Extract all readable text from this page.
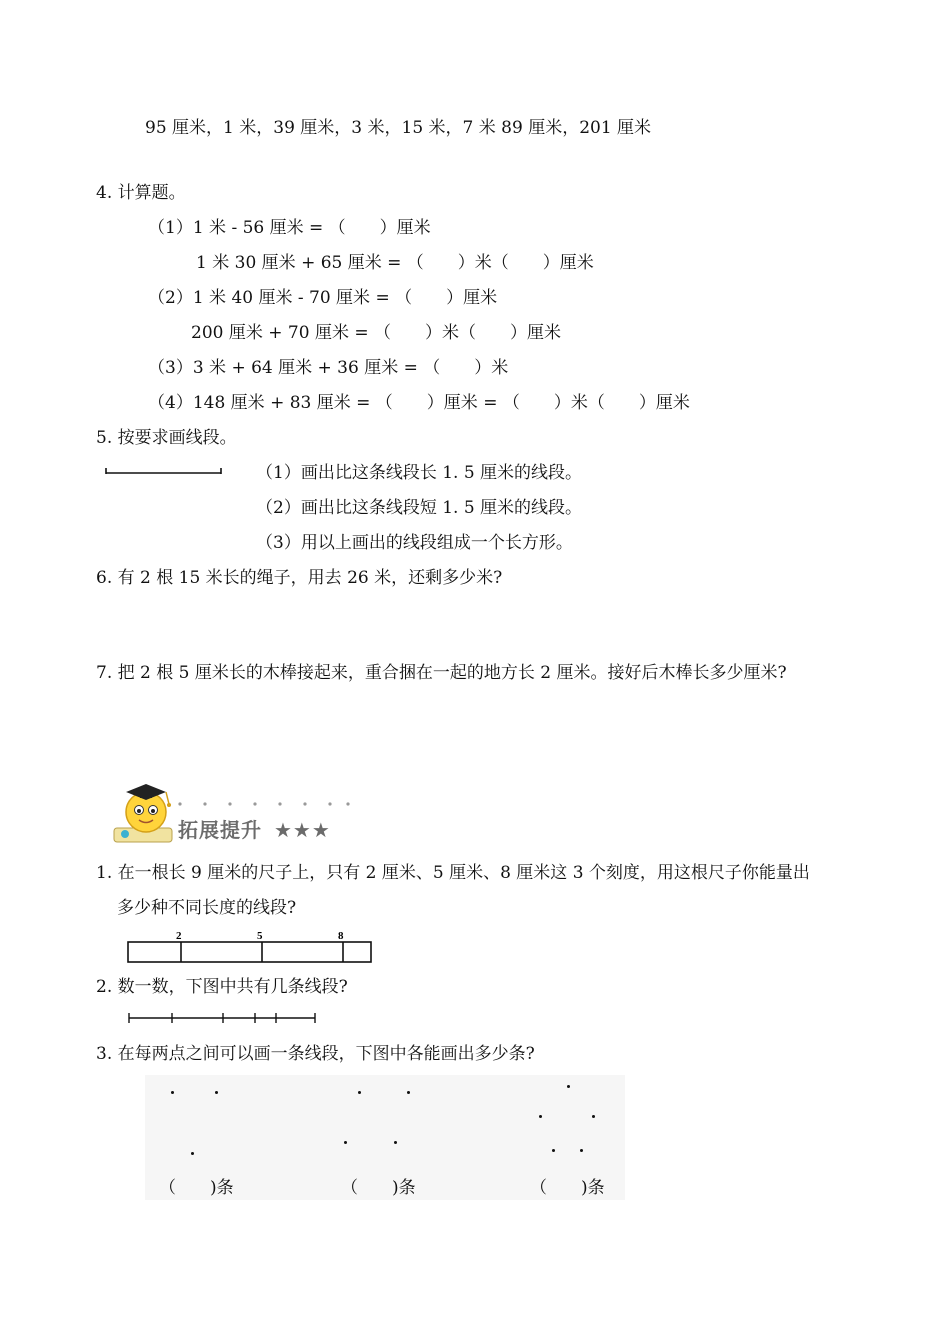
95 厘米，1 米，39 厘米，3 米，15 米，7 米 89 厘米，201 厘米
4. 计算题。
（1）1 米 - 56 厘米 = （　　）厘米
1 米 30 厘米 + 65 厘米 = （　　）米（　　）厘米
（2）1 米 40 厘米 - 70 厘米 = （　　）厘米
200 厘米 + 70 厘米 = （　　）米（　　）厘米
（3）3 米 + 64 厘米 + 36 厘米 = （　　）米
（4）148 厘米 + 83 厘米 = （　　）厘米 = （　　）米（　　）厘米
5. 按要求画线段。
（1）画出比这条线段长 1. 5 厘米的线段。
（2）画出比这条线段短 1. 5 厘米的线段。
（3）用以上画出的线段组成一个长方形。
6. 有 2 根 15 米长的绳子，用去 26 米，还剩多少米?
7. 把 2 根 5 厘米长的木棒接起来，重合捆在一起的地方长 2 厘米。接好后木棒长多少厘米?
拓展提升 ★★★
1. 在一根长 9 厘米的尺子上，只有 2 厘米、5 厘米、8 厘米这 3 个刻度，用这根尺子你能量出
多少种不同长度的线段?
2	5	8
2. 数一数，下图中共有几条线段?
3. 在每两点之间可以画一条线段，下图中各能画出多少条?
（　　)条	（　　)条	（　　)条
